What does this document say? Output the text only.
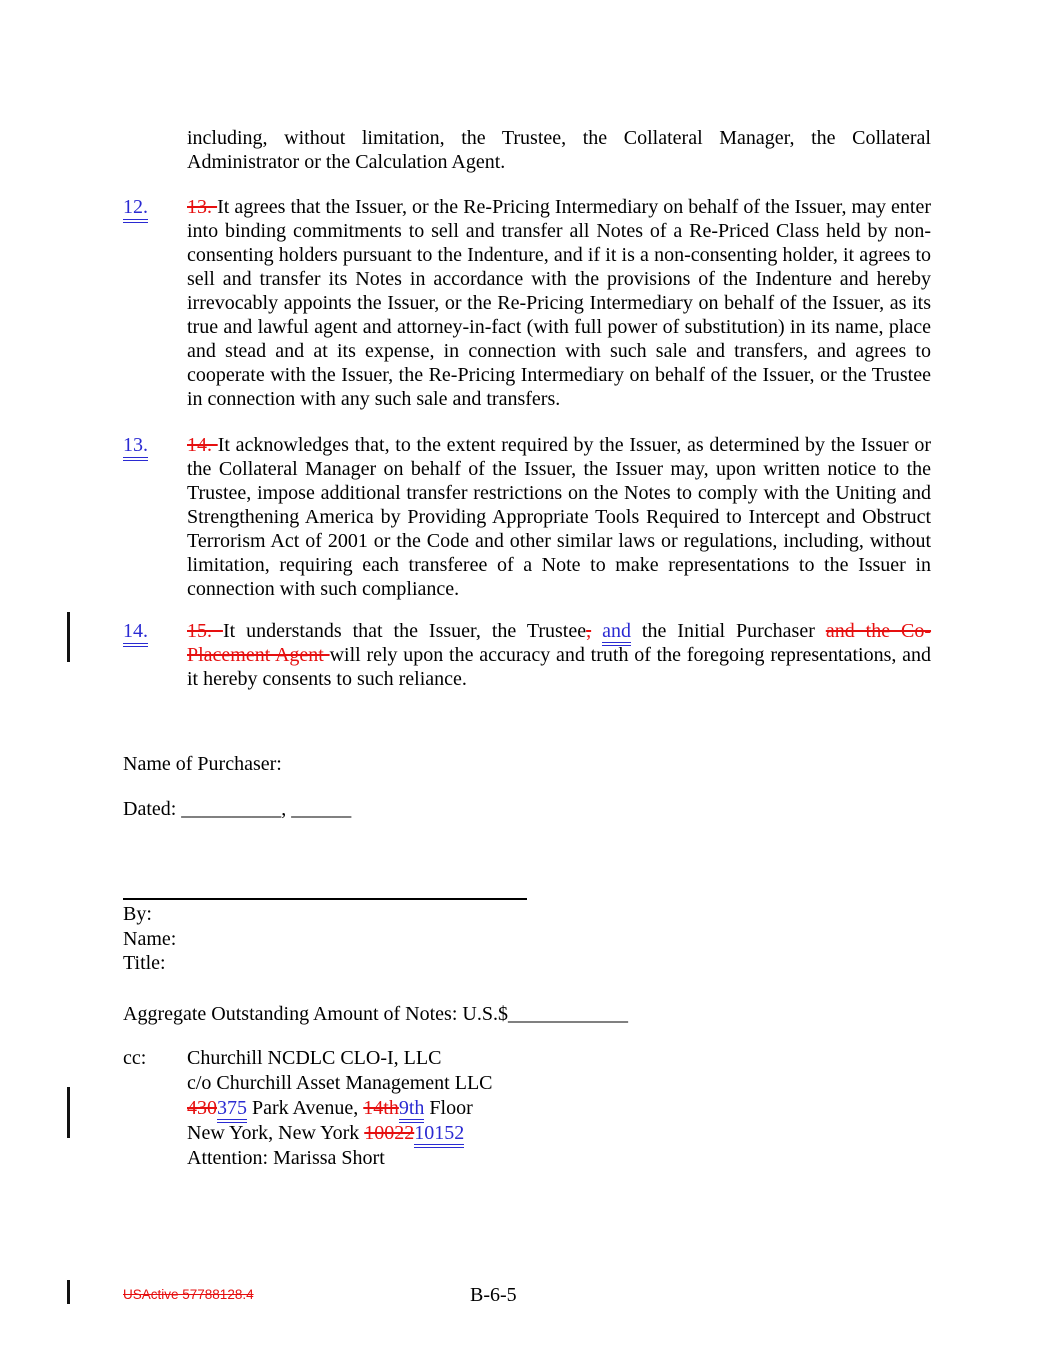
including, without limitation, the Trustee, the Collateral Manager, the Collateral Administrator or the Calculation Agent.
12. 13. It agrees that the Issuer, or the Re-Pricing Intermediary on behalf of the Issuer, may enter into binding commitments to sell and transfer all Notes of a Re-Priced Class held by non-consenting holders pursuant to the Indenture, and if it is a non-consenting holder, it agrees to sell and transfer its Notes in accordance with the provisions of the Indenture and hereby irrevocably appoints the Issuer, or the Re-Pricing Intermediary on behalf of the Issuer, as its true and lawful agent and attorney-in-fact (with full power of substitution) in its name, place and stead and at its expense, in connection with such sale and transfers, and agrees to cooperate with the Issuer, the Re-Pricing Intermediary on behalf of the Issuer, or the Trustee in connection with any such sale and transfers.
13. 14. It acknowledges that, to the extent required by the Issuer, as determined by the Issuer or the Collateral Manager on behalf of the Issuer, the Issuer may, upon written notice to the Trustee, impose additional transfer restrictions on the Notes to comply with the Uniting and Strengthening America by Providing Appropriate Tools Required to Intercept and Obstruct Terrorism Act of 2001 or the Code and other similar laws or regulations, including, without limitation, requiring each transferee of a Note to make representations to the Issuer in connection with such compliance.
14. 15. It understands that the Issuer, the Trustee, and the Initial Purchaser and the Co-Placement Agent will rely upon the accuracy and truth of the foregoing representations, and it hereby consents to such reliance.
Name of Purchaser:
Dated: __________, ______
By:
Name:
Title:
Aggregate Outstanding Amount of Notes: U.S.$____________
cc:	Churchill NCDLC CLO-I, LLC
c/o Churchill Asset Management LLC
430375 Park Avenue, 14th9th Floor
New York, New York 1002210152
Attention: Marissa Short
USActive 57788128.4	B-6-5
